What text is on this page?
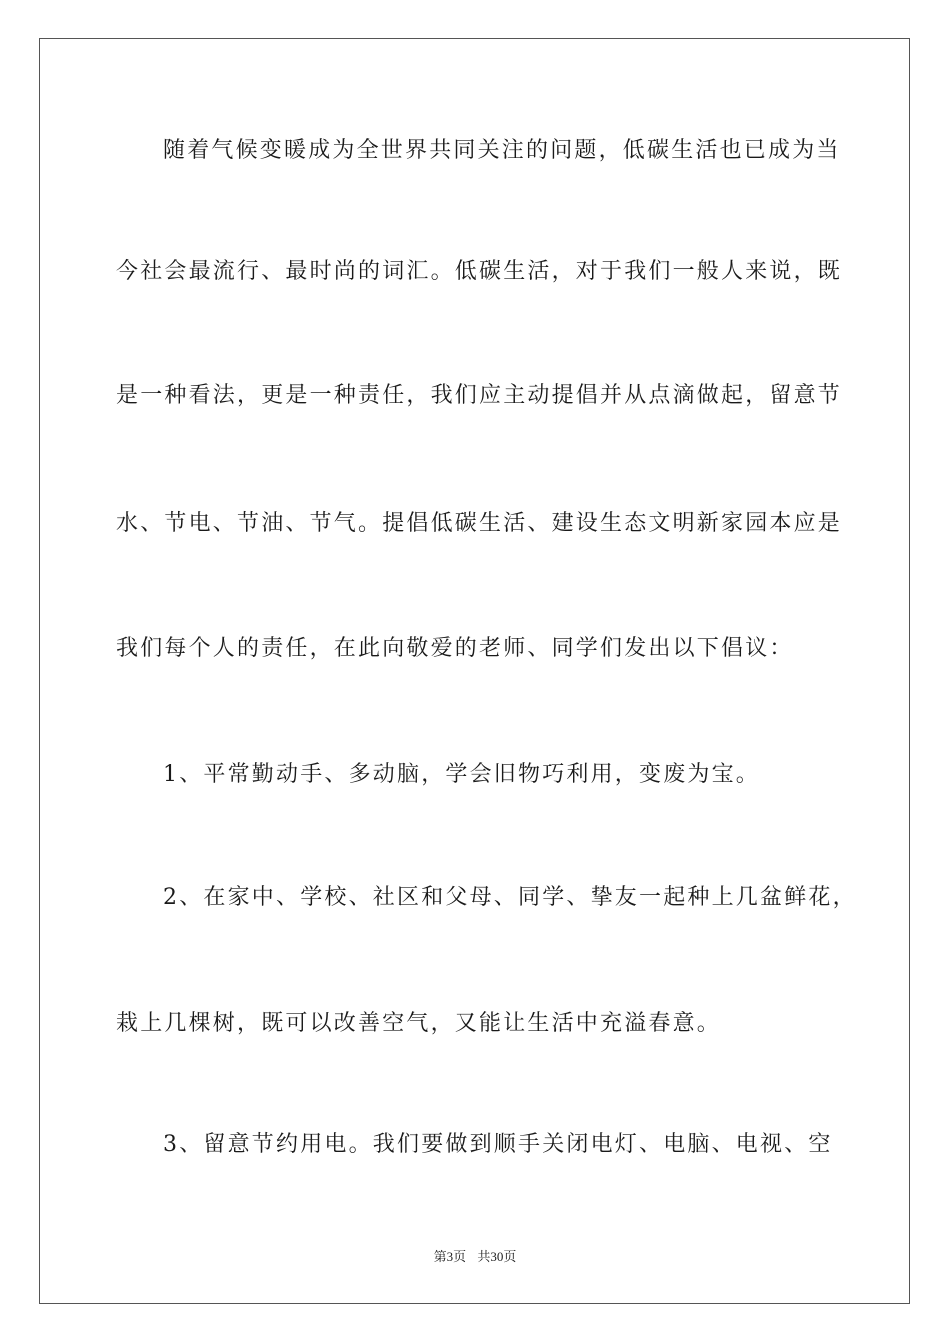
随着气候变暖成为全世界共同关注的问题，低碳生活也已成为当
今社会最流行、最时尚的词汇。低碳生活，对于我们一般人来说，既
是一种看法，更是一种责任，我们应主动提倡并从点滴做起，留意节
水、节电、节油、节气。提倡低碳生活、建设生态文明新家园本应是
我们每个人的责任，在此向敬爱的老师、同学们发出以下倡议：
1、平常勤动手、多动脑，学会旧物巧利用，变废为宝。
2、在家中、学校、社区和父母、同学、挚友一起种上几盆鲜花，
栽上几棵树，既可以改善空气，又能让生活中充溢春意。
3、留意节约用电。我们要做到顺手关闭电灯、电脑、电视、空
第3页 共30页
